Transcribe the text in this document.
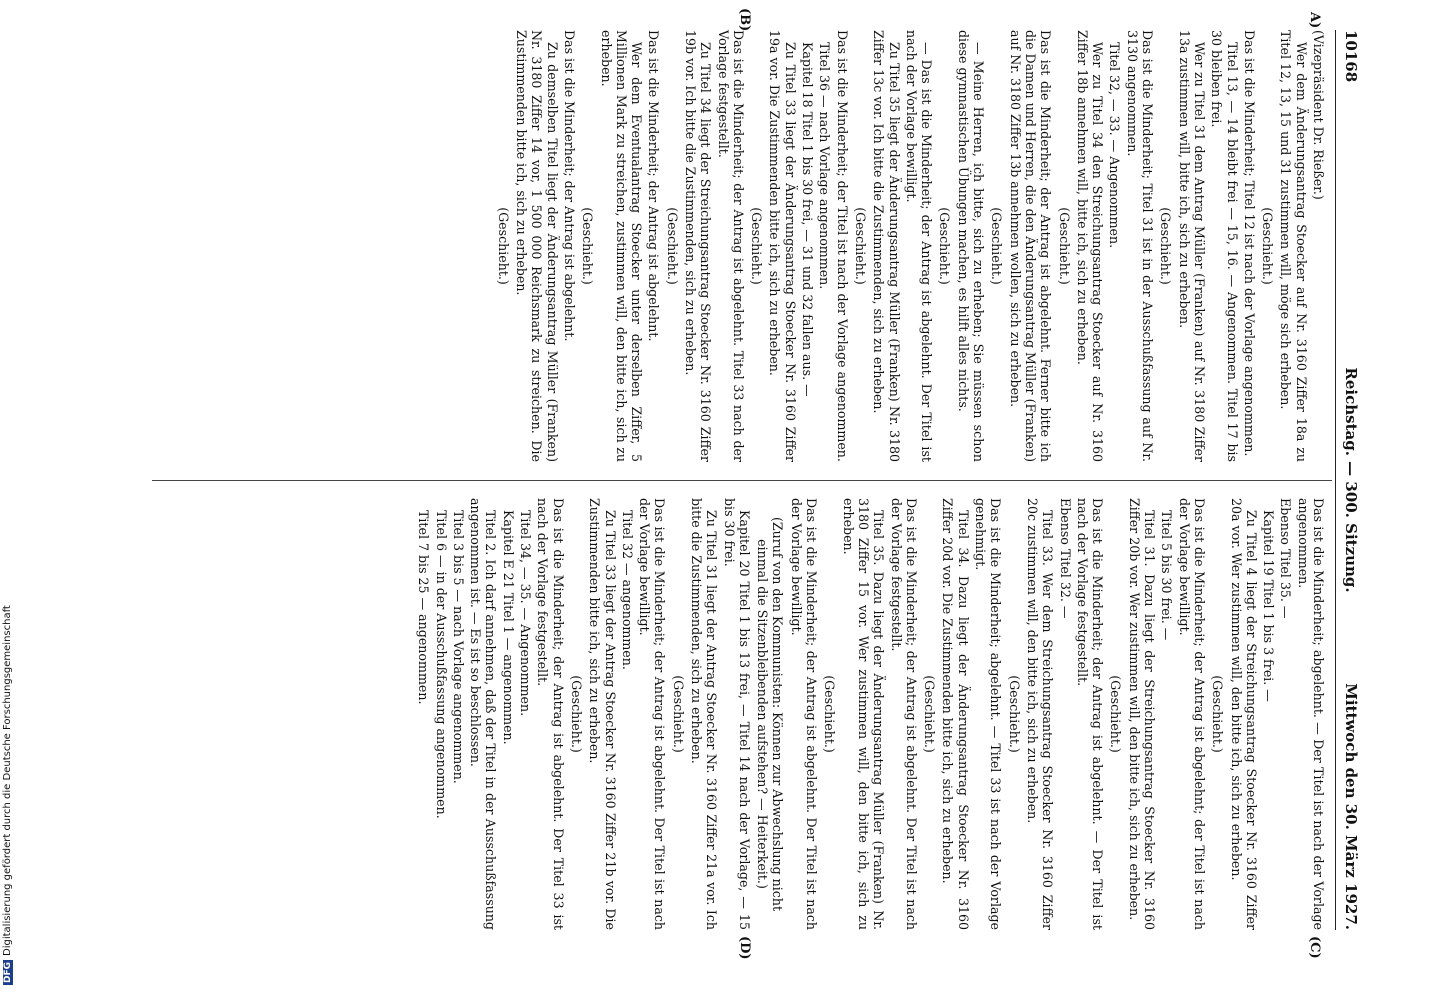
10168
Reichstag. — 300. Sitzung.
Mittwoch den 30. März 1927.
A)
(B)
(C)
(D)

(Vizepräsident Dr. Rießer.)

Wer dem Änderungsantrag Stoecker auf Nr. 3160 Ziffer 18a zu Titel 12, 13, 15 und 31 zustimmen will, möge sich erheben.

(Geschieht.)

Das ist die Minderheit; Titel 12 ist nach der Vorlage angenommen.

Titel 13, — 14 bleibt frei — 15, 16. — Angenommen. Titel 17 bis 30 bleiben frei.

Wer zu Titel 31 dem Antrag Müller (Franken) auf Nr. 3180 Ziffer 13a zustimmen will, bitte ich, sich zu erheben.

(Geschieht.)

Das ist die Minderheit; Titel 31 ist in der Ausschußfassung auf Nr. 3130 angenommen.

Titel 32, — 33. — Angenommen.

Wer zu Titel 34 den Streichungsantrag Stoecker auf Nr. 3160 Ziffer 18b annehmen will, bitte ich, sich zu erheben.

(Geschieht.)

Das ist die Minderheit; der Antrag ist abgelehnt. Ferner bitte ich die Damen und Herren, die den Änderungsantrag Müller (Franken) auf Nr. 3180 Ziffer 13b annehmen wollen, sich zu erheben.

(Geschieht.)

— Meine Herren, ich bitte, sich zu erheben; Sie müssen schon diese gymnastischen Übungen machen, es hilft alles nichts.

(Geschieht.)

— Das ist die Minderheit; der Antrag ist abgelehnt. Der Titel ist nach der Vorlage bewilligt.

Zu Titel 35 liegt der Änderungsantrag Müller (Franken) Nr. 3180 Ziffer 13c vor. Ich bitte die Zustimmenden, sich zu erheben.

(Geschieht.)

Das ist die Minderheit; der Titel ist nach der Vorlage angenommen.

Titel 36 — nach Vorlage angenommen.

Kapitel 18 Titel 1 bis 30 frei, — 31 und 32 fallen aus. —

Zu Titel 33 liegt der Änderungsantrag Stoecker Nr. 3160 Ziffer 19a vor. Die Zustimmenden bitte ich, sich zu erheben.

(Geschieht.)

Das ist die Minderheit; der Antrag ist abgelehnt. Titel 33 nach der Vorlage festgestellt.

Zu Titel 34 liegt der Streichungsantrag Stoecker Nr. 3160 Ziffer 19b vor. Ich bitte die Zustimmenden, sich zu erheben.

(Geschieht.)

Das ist die Minderheit; der Antrag ist abgelehnt.

Wer dem Eventualantrag Stoecker unter derselben Ziffer, 5 Millionen Mark zu streichen, zustimmen will, den bitte ich, sich zu erheben.

(Geschieht.)

Das ist die Minderheit; der Antrag ist abgelehnt.

Zu demselben Titel liegt der Änderungsantrag Müller (Franken) Nr. 3180 Ziffer 14 vor, 1 500 000 Reichsmark zu streichen. Die Zustimmenden bitte ich, sich zu erheben.

(Geschieht.)

Das ist die Minderheit; abgelehnt. — Der Titel ist nach der Vorlage angenommen.

Ebenso Titel 35. —

Kapitel 19 Titel 1 bis 3 frei. —

Zu Titel 4 liegt der Streichungsantrag Stoecker Nr. 3160 Ziffer 20a vor. Wer zustimmen will, den bitte ich, sich zu erheben.

(Geschieht.)

Das ist die Minderheit; der Antrag ist abgelehnt; der Titel ist nach der Vorlage bewilligt.

Titel 5 bis 30 frei. —

Titel 31. Dazu liegt der Streichungsantrag Stoecker Nr. 3160 Ziffer 20b vor. Wer zustimmen will, den bitte ich, sich zu erheben.

(Geschieht.)

Das ist die Minderheit; der Antrag ist abgelehnt. — Der Titel ist nach der Vorlage festgestellt.

Ebenso Titel 32. —

Titel 33. Wer dem Streichungsantrag Stoecker Nr. 3160 Ziffer 20c zustimmen will, den bitte ich, sich zu erheben.

(Geschieht.)

Das ist die Minderheit; abgelehnt. — Titel 33 ist nach der Vorlage genehmigt.

Titel 34. Dazu liegt der Änderungsantrag Stoecker Nr. 3160 Ziffer 20d vor. Die Zustimmenden bitte ich, sich zu erheben.

(Geschieht.)

Das ist die Minderheit; der Antrag ist abgelehnt. Der Titel ist nach der Vorlage festgestellt.

Titel 35. Dazu liegt der Änderungsantrag Müller (Franken) Nr. 3180 Ziffer 15 vor. Wer zustimmen will, den bitte ich, sich zu erheben.

(Geschieht.)

Das ist die Minderheit; der Antrag ist abgelehnt. Der Titel ist nach der Vorlage bewilligt.

(Zuruf von den Kommunisten: Können zur Abwechslung nicht einmal die Sitzenbleibenden aufstehen? — Heiterkeit.)

Kapitel 20 Titel 1 bis 13 frei, — Titel 14 nach der Vorlage, — 15 bis 30 frei.

Zu Titel 31 liegt der Antrag Stoecker Nr. 3160 Ziffer 21a vor. Ich bitte die Zustimmenden, sich zu erheben.

(Geschieht.)

Das ist die Minderheit; der Antrag ist abgelehnt. Der Titel ist nach der Vorlage bewilligt.

Titel 32 — angenommen.

Zu Titel 33 liegt der Antrag Stoecker Nr. 3160 Ziffer 21b vor. Die Zustimmenden bitte ich, sich zu erheben.

(Geschieht.)

Das ist die Minderheit; der Antrag ist abgelehnt. Der Titel 33 ist nach der Vorlage festgestellt.

Titel 34, — 35. — Angenommen.

Kapitel E 21 Titel 1 — angenommen.

Titel 2. Ich darf annehmen, daß der Titel in der Ausschußfassung angenommen ist. — Es ist so beschlossen.

Titel 3 bis 5 — nach Vorlage angenommen.

Titel 6 — in der Ausschußfassung angenommen.

Titel 7 bis 25 — angenommen.

DFGDigitalisierung gefördert durch die Deutsche Forschungsgemeinschaft
